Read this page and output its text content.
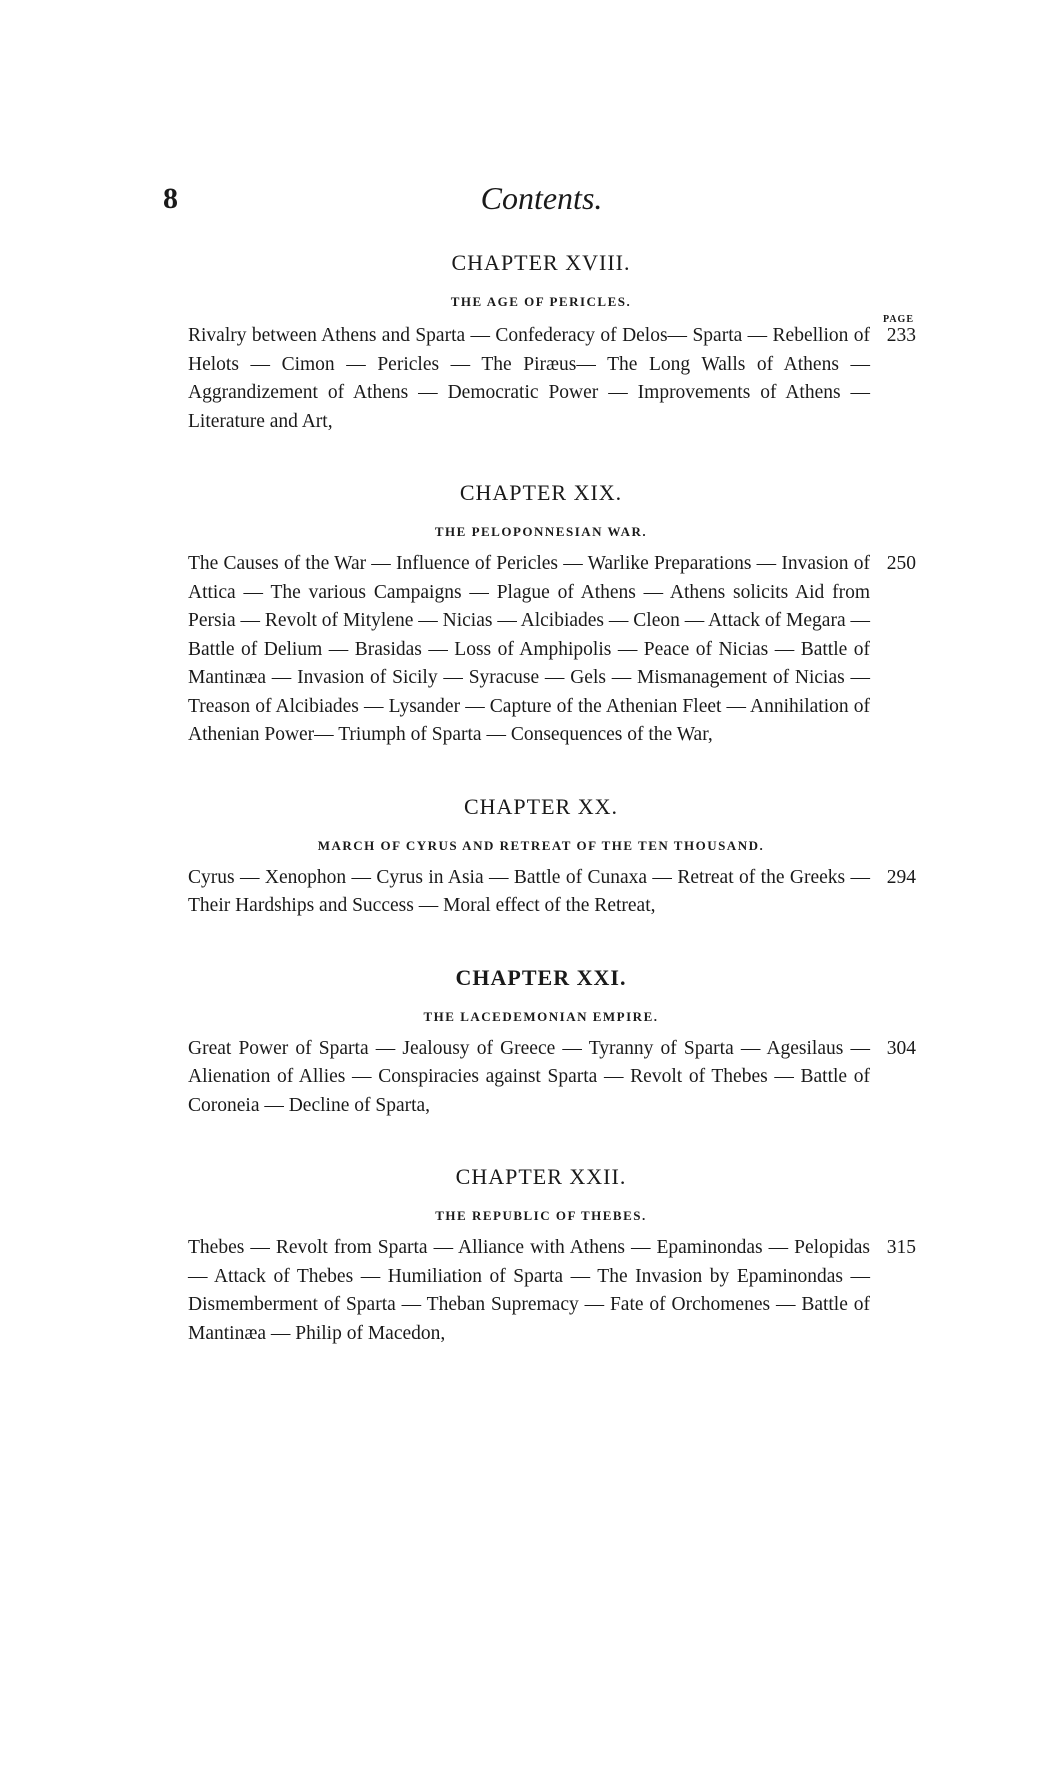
8	Contents.
CHAPTER XVIII.
THE AGE OF PERICLES.
PAGE
Rivalry between Athens and Sparta — Confederacy of Delos— Sparta — Rebellion of Helots — Cimon — Pericles — The Piræus— The Long Walls of Athens — Aggrandizement of Athens — Democratic Power — Improvements of Athens — Literature and Art,
233
CHAPTER XIX.
THE PELOPONNESIAN WAR.
The Causes of the War — Influence of Pericles — Warlike Preparations — Invasion of Attica — The various Campaigns — Plague of Athens — Athens solicits Aid from Persia — Revolt of Mitylene — Nicias — Alcibiades — Cleon — Attack of Megara — Battle of Delium — Brasidas — Loss of Amphipolis — Peace of Nicias — Battle of Mantinæa — Invasion of Sicily — Syracuse — Gels — Mismanagement of Nicias — Treason of Alcibiades — Lysander — Capture of the Athenian Fleet — Annihilation of Athenian Power— Triumph of Sparta — Consequences of the War,
250
CHAPTER XX.
MARCH OF CYRUS AND RETREAT OF THE TEN THOUSAND.
Cyrus — Xenophon — Cyrus in Asia — Battle of Cunaxa — Retreat of the Greeks —Their Hardships and Success — Moral effect of the Retreat,
294
CHAPTER XXI.
THE LACEDEMONIAN EMPIRE.
Great Power of Sparta — Jealousy of Greece — Tyranny of Sparta — Agesilaus — Alienation of Allies — Conspiracies against Sparta — Revolt of Thebes — Battle of Coroneia — Decline of Sparta,
304
CHAPTER XXII.
THE REPUBLIC OF THEBES.
Thebes — Revolt from Sparta — Alliance with Athens — Epaminondas — Pelopidas — Attack of Thebes — Humiliation of Sparta — The Invasion by Epaminondas — Dismemberment of Sparta — Theban Supremacy — Fate of Orchomenes — Battle of Mantinæa — Philip of Macedon,
315
